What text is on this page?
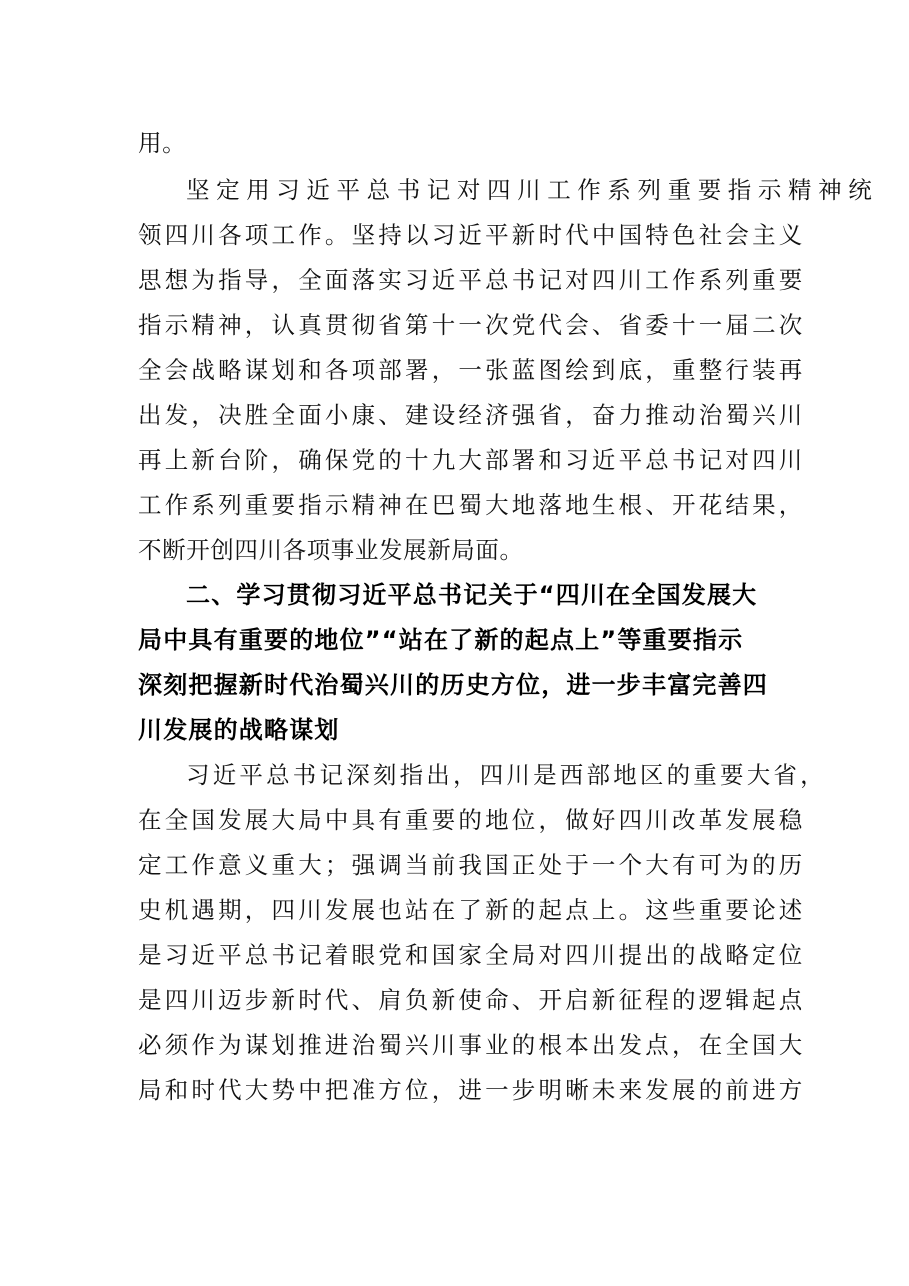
用。
坚定用习近平总书记对四川工作系列重要指示精神统
领四川各项工作。坚持以习近平新时代中国特色社会主义
思想为指导，全面落实习近平总书记对四川工作系列重要
指示精神，认真贯彻省第十一次党代会、省委十一届二次
全会战略谋划和各项部署，一张蓝图绘到底，重整行装再
出发，决胜全面小康、建设经济强省，奋力推动治蜀兴川
再上新台阶，确保党的十九大部署和习近平总书记对四川
工作系列重要指示精神在巴蜀大地落地生根、开花结果，
不断开创四川各项事业发展新局面。
二、学习贯彻习近平总书记关于“四川在全国发展大
局中具有重要的地位”“站在了新的起点上”等重要指示
深刻把握新时代治蜀兴川的历史方位，进一步丰富完善四
川发展的战略谋划
习近平总书记深刻指出，四川是西部地区的重要大省，
在全国发展大局中具有重要的地位，做好四川改革发展稳
定工作意义重大；强调当前我国正处于一个大有可为的历
史机遇期，四川发展也站在了新的起点上。这些重要论述
是习近平总书记着眼党和国家全局对四川提出的战略定位
是四川迈步新时代、肩负新使命、开启新征程的逻辑起点
必须作为谋划推进治蜀兴川事业的根本出发点，在全国大
局和时代大势中把准方位，进一步明晰未来发展的前进方
